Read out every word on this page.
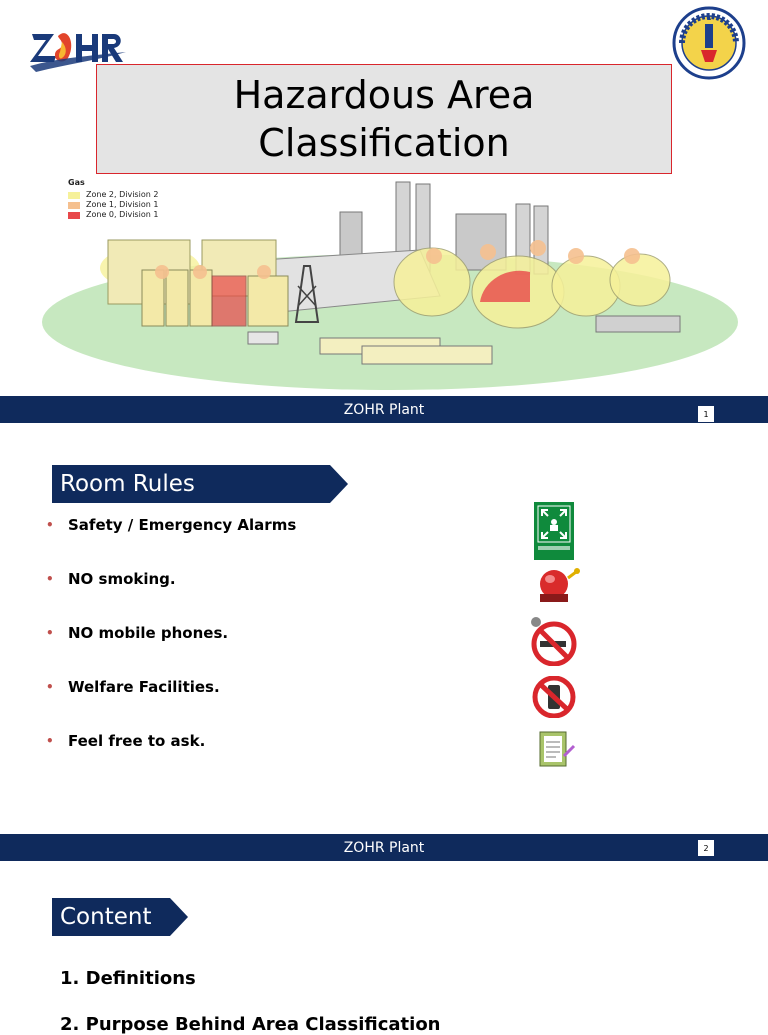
Hazardous Area
Classification
Gas
Zone 2, Division 2
Zone 1, Division 1
Zone 0, Division 1
ZOHR Plant	1
Room Rules
• Safety / Emergency Alarms
• NO smoking.
• NO mobile phones.
• Welfare Facilities.
• Feel free to ask.
ZOHR Plant	2
Content
1. Definitions
2. Purpose Behind Area Classification
